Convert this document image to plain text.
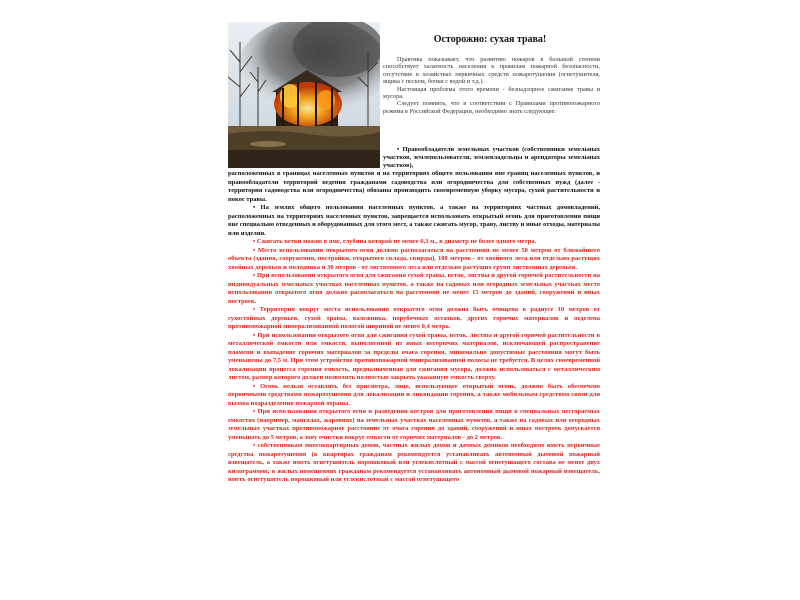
Осторожно: сухая трава!

Практика показывает, что развитию пожаров в большой степени способствует халатность населения к правилам пожарной безопасности, отсутствие в хозяйствах первичных средств пожаротушения (огнетушителя, ящика с песком, бочки с водой и т.д.).

Настоящая проблема этого времени - безнадзорное сжигание травы и мусора.

Следует помнить, что в соответствии с Правилами противопожарного режима в Российской Федерации, необходимо знать следующее:

• Правообладатели земельных участков (собственники земельных участков, землепользователи, землевладельцы и арендаторы земельных участков),

расположенных в границах населенных пунктов и на территориях общего пользования вне границ населенных пунктов, и правообладатели территорий ведения гражданами садоводства или огородничества для собственных нужд (далее - территория садоводства или огородничества) обязаны производить своевременную уборку мусора, сухой растительности и покос травы.

• На землях общего пользования населенных пунктов, а также на территориях частных домовладений, расположенных на территориях населенных пунктов, запрещается использовать открытый огонь для приготовления пищи вне специально отведенных и оборудованных для этого мест, а также сжигать мусор, траву, листву и иные отходы, материалы или изделия.

• Сжигать ветки можно в яме, глубина которой не менее 0,3 м., в диаметр не более одного метра.

• Место использования открытого огня должно располагаться на расстоянии не менее 50 метров от ближайшего объекта (здания, сооружения, постройки, открытого склада, скирды), 100 метров - от хвойного леса или отдельно растущих хвойных деревьев и молодняка и 30 метров - от лиственного леса или отдельно растущих групп лиственных деревьев.

• При использовании открытого огня для сжигания сухой травы, веток, листвы и другой горючей растительности на индивидуальных земельных участках населенных пунктов, а также на садовых или огородных земельных участках место использования открытого огня должно располагаться на расстоянии не менее 15 метров до зданий, сооружений и иных построек.

• Территория вокруг места использования открытого огня должна быть очищена в радиусе 10 метров от сухостойных деревьев, сухой травы, валежника, порубочных остатков, других горючих материалов и отделена противопожарной минерализованной полосой шириной не менее 0,4 метра.

• При использовании открытого огня для сжигания сухой травы, веток, листвы и другой горючей растительности в металлической емкости или емкости, выполненной из иных негорючих материалов, исключающей распространение пламени и выпадение горючих материалов за пределы очага горения, минимально допустимые расстояния могут быть уменьшены до 7,5 м. При этом устройство противопожарной минерализованной полосы не требуется. В целях своевременной локализации процесса горения емкость, предназначенная для сжигания мусора, должна использоваться с металлическим листом, размер которого должен позволить полностью закрыть указанную емкость сверху.

• Огонь нельзя оставлять без присмотра, лицо, использующее открытый огонь, должно быть обеспечено первичными средствами пожаротушения для локализации и ликвидации горения, а также мобильным средством связи для вызова подразделения пожарной охраны.

• При использовании открытого огня и разведении костров для приготовления пищи в специальных несгораемых емкостях (например, мангалах, жаровнях) на земельных участках населенных пунктов, а также на садовых или огородных земельных участках противопожарное расстояние от очага горения до зданий, сооружений и иных построек допускается уменьшать до 5 метров, а зону очистки вокруг емкости от горючих материалов - до 2 метров.

• собственникам многоквартирных домов, частных жилых домов и дачных домиков необходимо иметь первичные средства пожаротушения (в квартирах гражданам рекомендуется устанавливать автономный дымовой пожарный извещатель, а также иметь огнетушитель порошковый или углекислотный с массой огнетушащего состава не менее двух килограммов; в жилых помещениях гражданам рекомендуется устанавливать автономный дымовой пожарный извещатель, иметь огнетушитель порошковый или углекислотный с массой огнетушащего
